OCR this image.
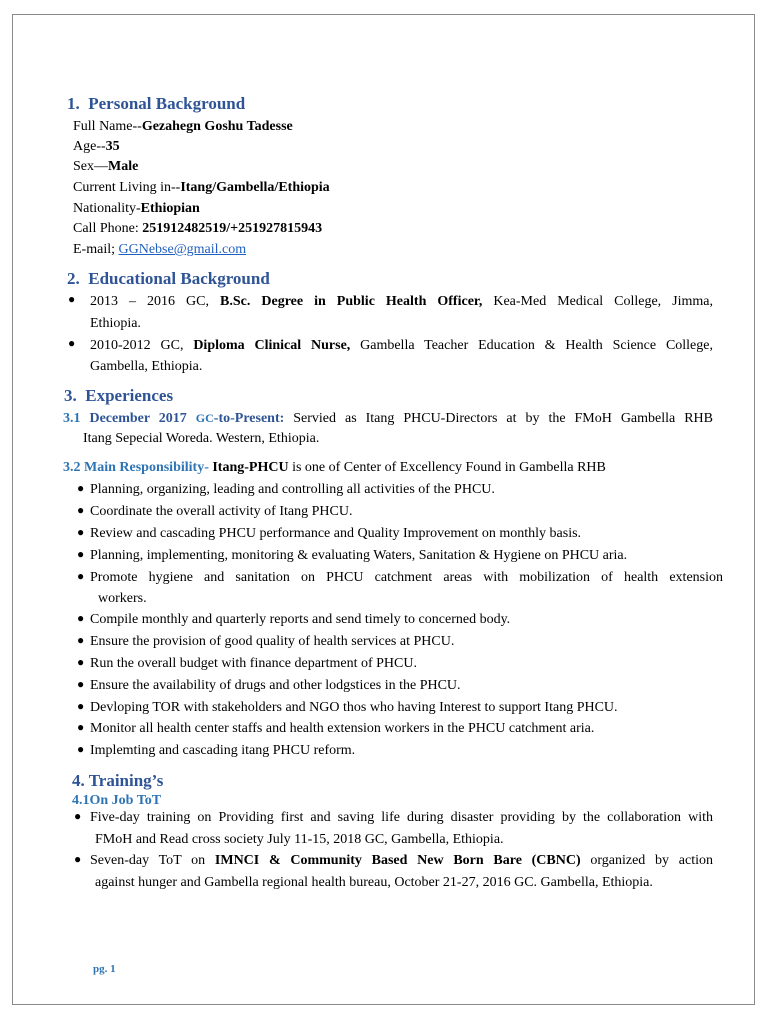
1. Personal Background
Full Name--Gezahegn Goshu Tadesse
Age--35
Sex—Male
Current Living in--Itang/Gambella/Ethiopia
Nationality-Ethiopian
Call Phone: 251912482519/+251927815943
E-mail; GGNebse@gmail.com
2. Educational Background
● 2013 – 2016 GC, B.Sc. Degree in Public Health Officer, Kea-Med Medical College, Jimma,
Ethiopia.
● 2010-2012 GC, Diploma Clinical Nurse, Gambella Teacher Education & Health Science College,
Gambella, Ethiopia.
3. Experiences
3.1 December 2017 GC-to-Present: Servied as Itang PHCU-Directors at by the FMoH Gambella RHB
Itang Sepecial Woreda. Western, Ethiopia.
3.2 Main Responsibility- Itang-PHCU is one of Center of Excellency Found in Gambella RHB
● Planning, organizing, leading and controlling all activities of the PHCU.
● Coordinate the overall activity of Itang PHCU.
● Review and cascading PHCU performance and Quality Improvement on monthly basis.
● Planning, implementing, monitoring & evaluating Waters, Sanitation & Hygiene on PHCU aria.
● Promote hygiene and sanitation on PHCU catchment areas with mobilization of health extension
workers.
● Compile monthly and quarterly reports and send timely to concerned body.
● Ensure the provision of good quality of health services at PHCU.
● Run the overall budget with finance department of PHCU.
● Ensure the availability of drugs and other lodgstices in the PHCU.
● Devloping TOR with stakeholders and NGO thos who having Interest to support Itang PHCU.
● Monitor all health center staffs and health extension workers in the PHCU catchment aria.
● Implemting and cascading itang PHCU reform.
4. Training’s
4.1On Job ToT
● Five-day training on Providing first and saving life during disaster providing by the collaboration with
FMoH and Read cross society July 11-15, 2018 GC, Gambella, Ethiopia.
● Seven-day ToT on IMNCI & Community Based New Born Bare (CBNC) organized by action
against hunger and Gambella regional health bureau, October 21-27, 2016 GC. Gambella, Ethiopia.
pg. 1
